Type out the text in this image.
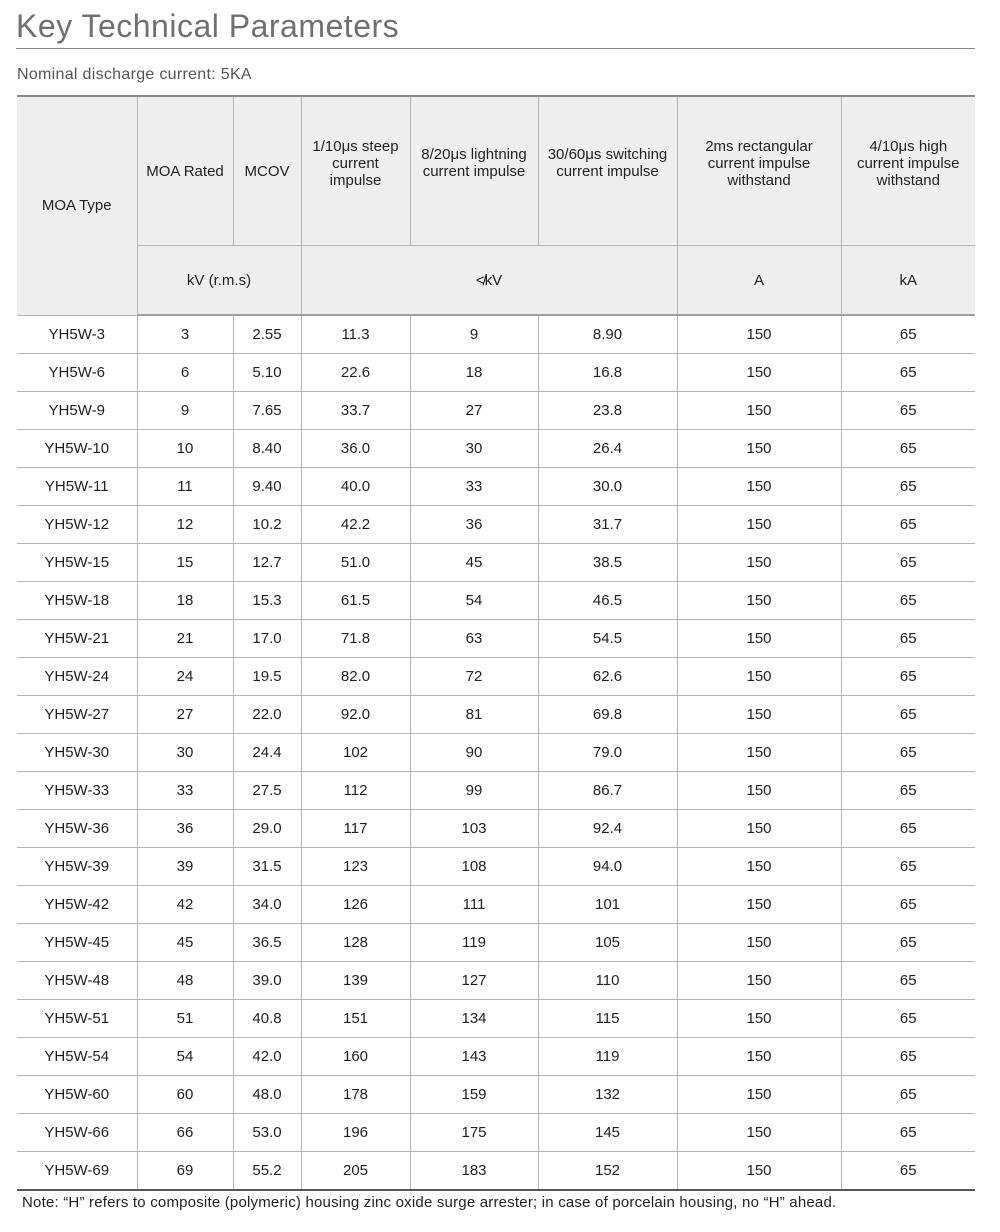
Key Technical Parameters
Nominal discharge current: 5KA
MOA Type	MOA Rated	MCOV	1/10μs steep current impulse	8/20μs lightning current impulse	30/60μs switching current impulse	2ms rectangular current impulse withstand	4/10μs high current impulse withstand

	kV (r.m.s)		≮kV			A	kA
YH5W-3	3	2.55	11.3	9	8.90	150	65
YH5W-6	6	5.10	22.6	18	16.8	150	65
YH5W-9	9	7.65	33.7	27	23.8	150	65
YH5W-10	10	8.40	36.0	30	26.4	150	65
YH5W-11	11	9.40	40.0	33	30.0	150	65
YH5W-12	12	10.2	42.2	36	31.7	150	65
YH5W-15	15	12.7	51.0	45	38.5	150	65
YH5W-18	18	15.3	61.5	54	46.5	150	65
YH5W-21	21	17.0	71.8	63	54.5	150	65
YH5W-24	24	19.5	82.0	72	62.6	150	65
YH5W-27	27	22.0	92.0	81	69.8	150	65
YH5W-30	30	24.4	102	90	79.0	150	65
YH5W-33	33	27.5	112	99	86.7	150	65
YH5W-36	36	29.0	117	103	92.4	150	65
YH5W-39	39	31.5	123	108	94.0	150	65
YH5W-42	42	34.0	126	111	101	150	65
YH5W-45	45	36.5	128	119	105	150	65
YH5W-48	48	39.0	139	127	110	150	65
YH5W-51	51	40.8	151	134	115	150	65
YH5W-54	54	42.0	160	143	119	150	65
YH5W-60	60	48.0	178	159	132	150	65
YH5W-66	66	53.0	196	175	145	150	65
YH5W-69	69	55.2	205	183	152	150	65
Note: “H” refers to composite (polymeric) housing zinc oxide surge arrester; in case of porcelain housing, no “H” ahead.
